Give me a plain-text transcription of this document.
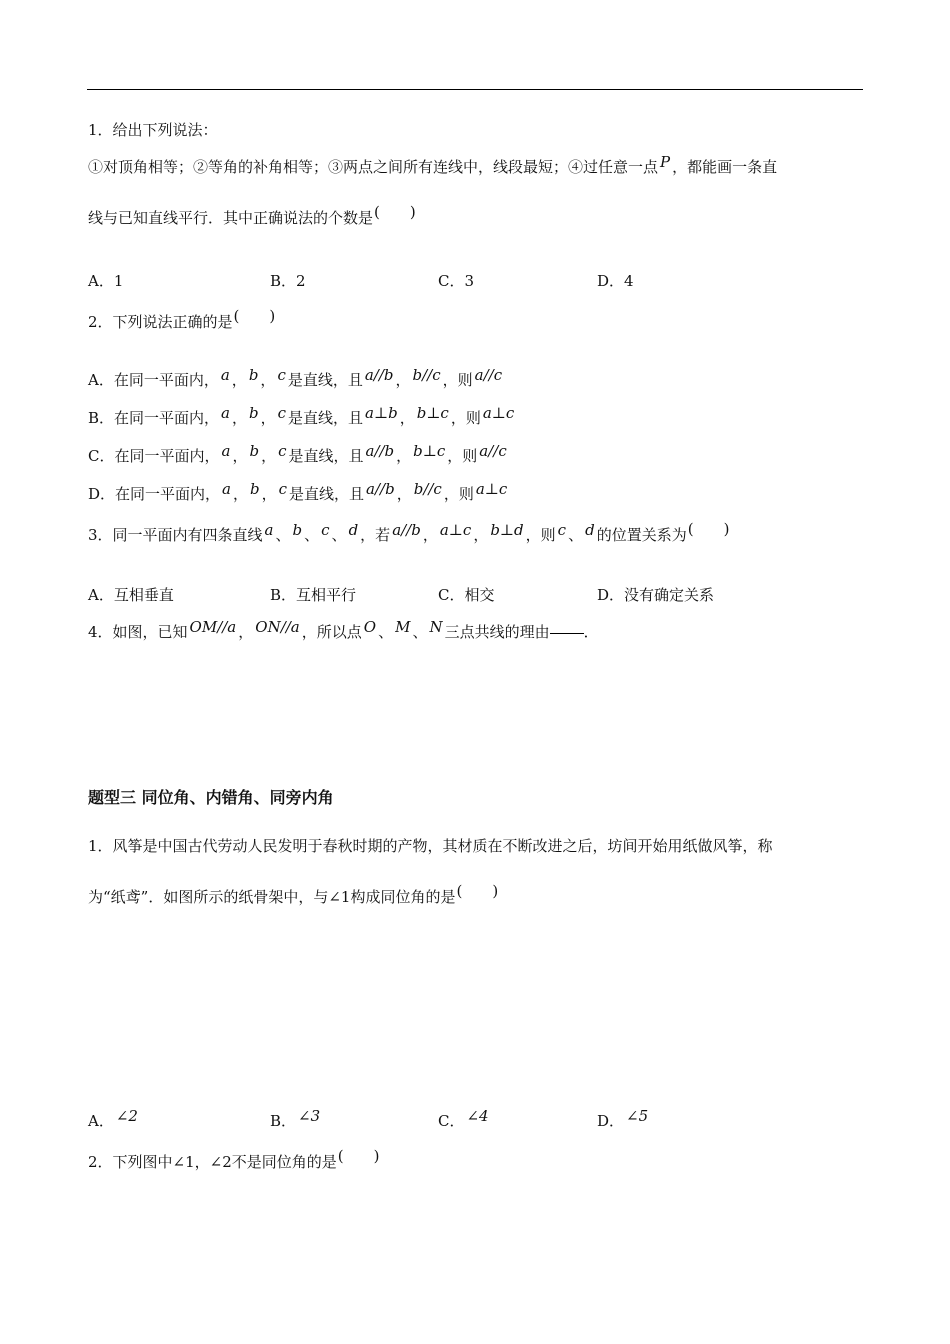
1．给出下列说法：
①对顶角相等；②等角的补角相等；③两点之间所有连线中，线段最短；④过任意一点 P ，都能画一条直
线与已知直线平行．其中正确说法的个数是( )
A．1	B．2	C．3	D．4
2．下列说法正确的是( )
A．在同一平面内， a ， b ， c 是直线，且 a//b ， b//c ，则 a//c
B．在同一平面内， a ， b ， c 是直线，且 a⊥b ， b⊥c ，则 a⊥c
C．在同一平面内， a ， b ， c 是直线，且 a//b ， b⊥c ，则 a//c
D．在同一平面内， a ， b ， c 是直线，且 a//b ， b//c ，则 a⊥c
3．同一平面内有四条直线 a 、 b 、 c 、 d ，若 a//b ， a⊥c ， b⊥d ，则 c 、 d 的位置关系为( )
A．互相垂直	B．互相平行	C．相交	D．没有确定关系
4．如图，已知 OM//a ， ON//a ，所以点 O 、 M 、 N 三点共线的理由 ．
题型三 同位角、内错角、同旁内角
1．风筝是中国古代劳动人民发明于春秋时期的产物，其材质在不断改进之后，坊间开始用纸做风筝，称
为“纸鸢”．如图所示的纸骨架中，与∠1构成同位角的是( )
A． ∠2	B． ∠3	C． ∠4	D． ∠5
2．下列图中∠1，∠2不是同位角的是( )
